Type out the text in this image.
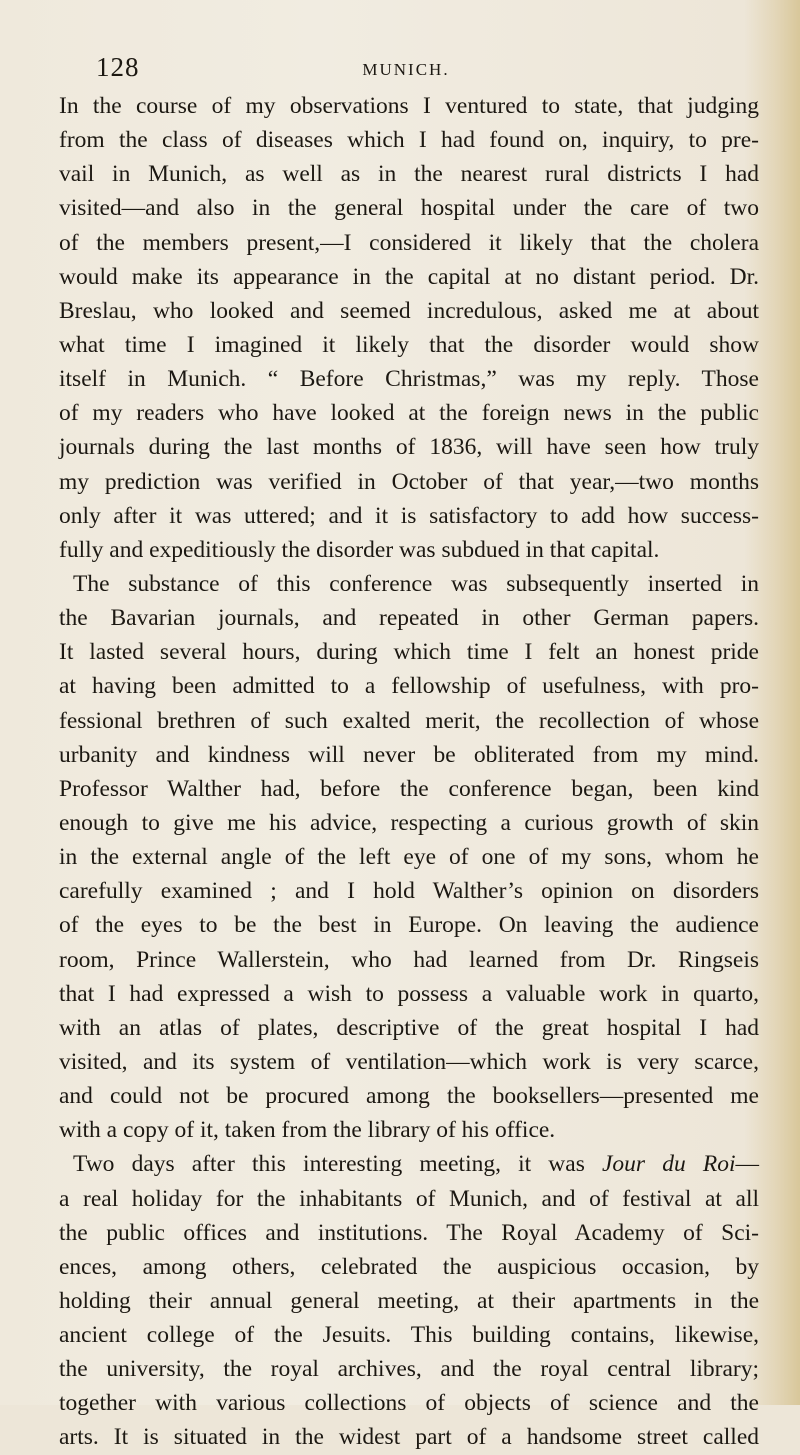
128	MUNICH.
In the course of my observations I ventured to state, that judging
from the class of diseases which I had found on, inquiry, to pre-
vail in Munich, as well as in the nearest rural districts I had
visited—and also in the general hospital under the care of two
of the members present,—I considered it likely that the cholera
would make its appearance in the capital at no distant period. Dr.
Breslau, who looked and seemed incredulous, asked me at about
what time I imagined it likely that the disorder would show
itself in Munich. “ Before Christmas,” was my reply. Those
of my readers who have looked at the foreign news in the public
journals during the last months of 1836, will have seen how truly
my prediction was verified in October of that year,—two months
only after it was uttered; and it is satisfactory to add how success-
fully and expeditiously the disorder was subdued in that capital.
The substance of this conference was subsequently inserted in
the Bavarian journals, and repeated in other German papers.
It lasted several hours, during which time I felt an honest pride
at having been admitted to a fellowship of usefulness, with pro-
fessional brethren of such exalted merit, the recollection of whose
urbanity and kindness will never be obliterated from my mind.
Professor Walther had, before the conference began, been kind
enough to give me his advice, respecting a curious growth of skin
in the external angle of the left eye of one of my sons, whom he
carefully examined ; and I hold Walther’s opinion on disorders
of the eyes to be the best in Europe. On leaving the audience
room, Prince Wallerstein, who had learned from Dr. Ringseis
that I had expressed a wish to possess a valuable work in quarto,
with an atlas of plates, descriptive of the great hospital I had
visited, and its system of ventilation—which work is very scarce,
and could not be procured among the booksellers—presented me
with a copy of it, taken from the library of his office.
Two days after this interesting meeting, it was Jour du Roi—
a real holiday for the inhabitants of Munich, and of festival at all
the public offices and institutions. The Royal Academy of Sci-
ences, among others, celebrated the auspicious occasion, by
holding their annual general meeting, at their apartments in the
ancient college of the Jesuits. This building contains, likewise,
the university, the royal archives, and the royal central library;
together with various collections of objects of science and the
arts. It is situated in the widest part of a handsome street called
